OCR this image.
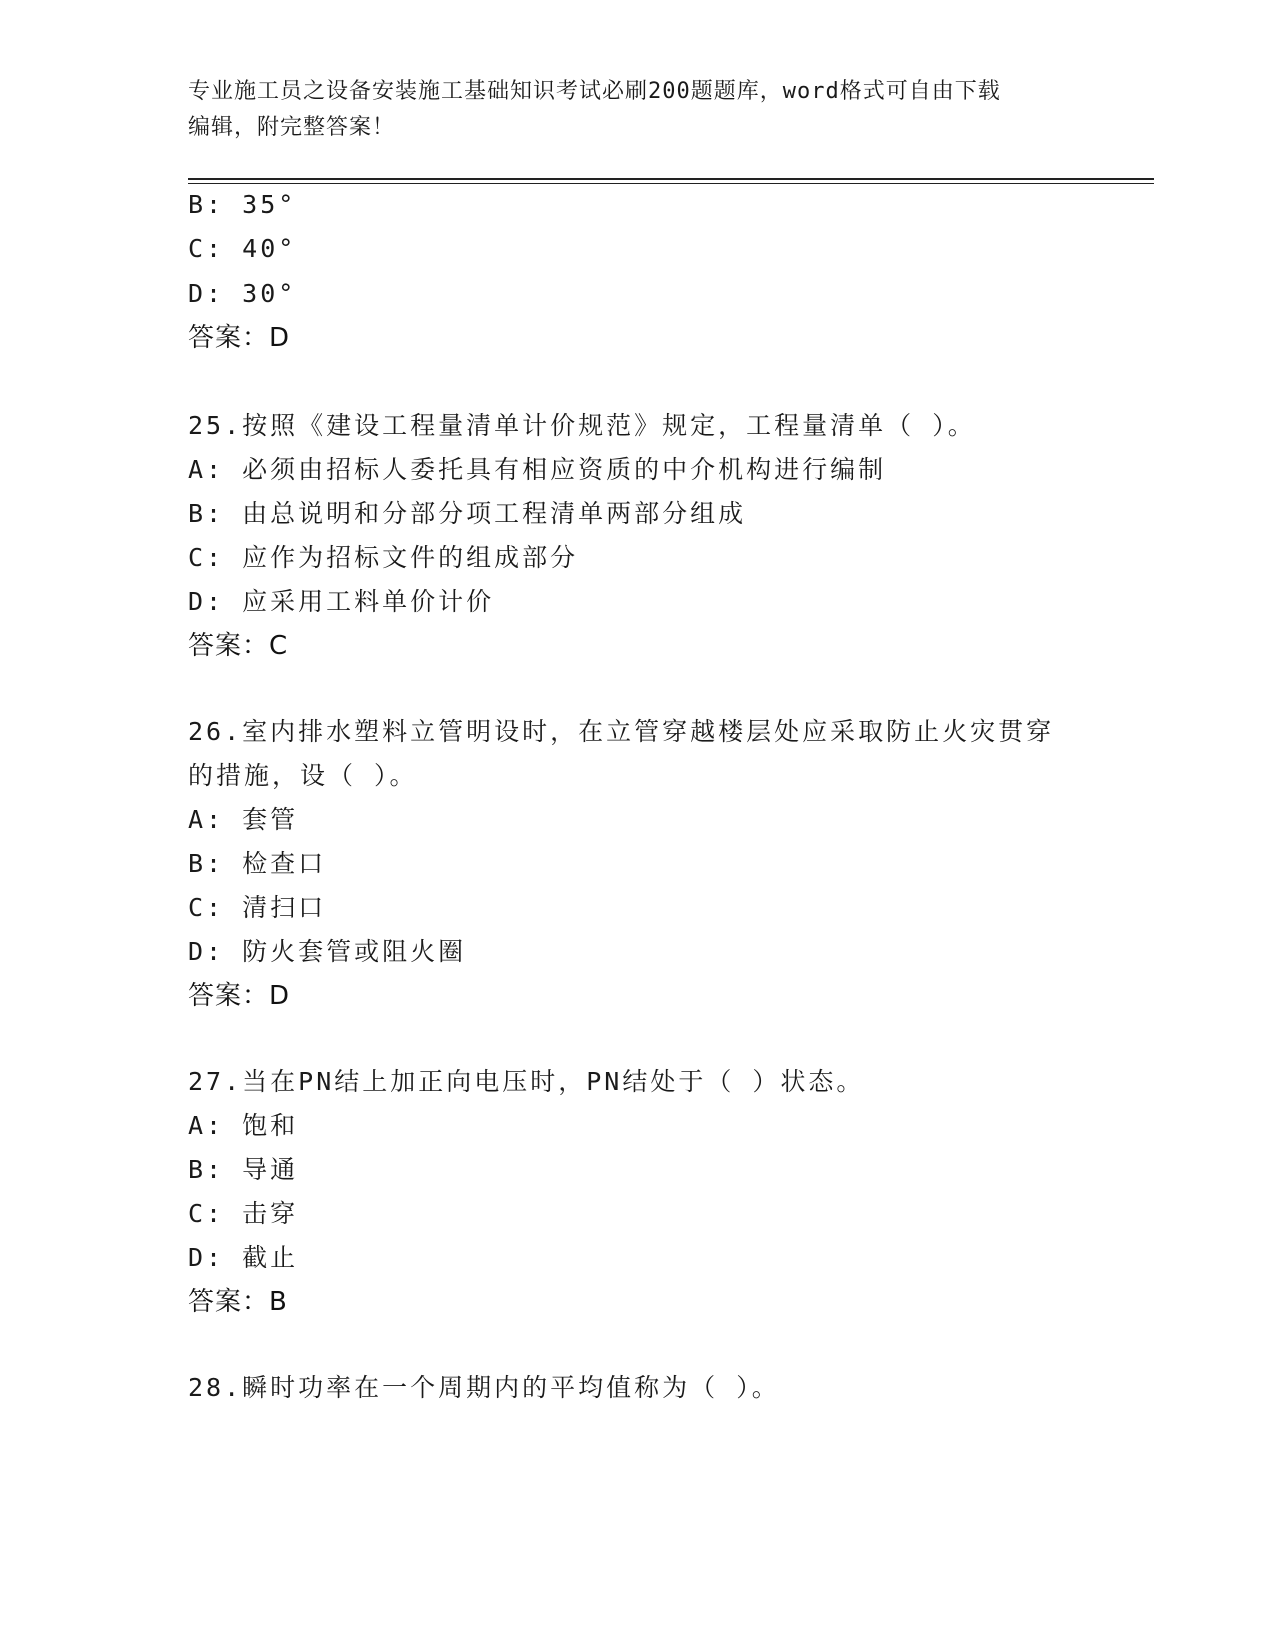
专业施工员之设备安装施工基础知识考试必刷200题题库，word格式可自由下载
编辑，附完整答案！
B: 35°
C: 40°
D: 30°
答案：D
25.按照《建设工程量清单计价规范》规定，工程量清单（ ）。
A: 必须由招标人委托具有相应资质的中介机构进行编制
B: 由总说明和分部分项工程清单两部分组成
C: 应作为招标文件的组成部分
D: 应采用工料单价计价
答案：C
26.室内排水塑料立管明设时，在立管穿越楼层处应采取防止火灾贯穿
的措施，设（ ）。
A: 套管
B: 检查口
C: 清扫口
D: 防火套管或阻火圈
答案：D
27.当在PN结上加正向电压时，PN结处于（ ）状态。
A: 饱和
B: 导通
C: 击穿
D: 截止
答案：B
28.瞬时功率在一个周期内的平均值称为（ ）。
